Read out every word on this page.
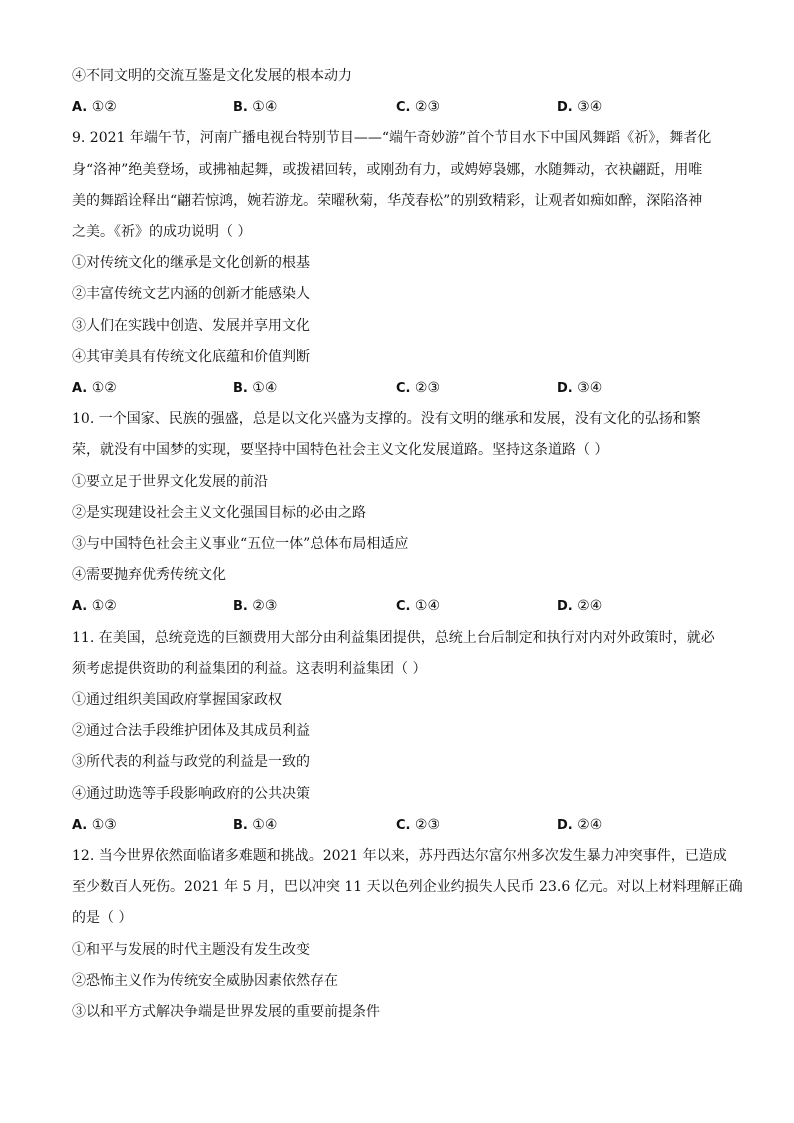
④不同文明的交流互鉴是文化发展的根本动力
A. ①②	B. ①④	C. ②③	D. ③④
9. 2021 年端午节，河南广播电视台特别节目——“端午奇妙游”首个节目水下中国风舞蹈《祈》，舞者化
身“洛神”绝美登场，或拂袖起舞，或拨裙回转，或刚劲有力，或娉婷袅娜，水随舞动，衣袂翩跹，用唯
美的舞蹈诠释出“翩若惊鸿，婉若游龙。荣曜秋菊，华茂春松”的别致精彩，让观者如痴如醉，深陷洛神
之美。《祈》的成功说明（ ）
①对传统文化的继承是文化创新的根基
②丰富传统文艺内涵的创新才能感染人
③人们在实践中创造、发展并享用文化
④其审美具有传统文化底蕴和价值判断
A. ①②	B. ①④	C. ②③	D. ③④
10. 一个国家、民族的强盛，总是以文化兴盛为支撑的。没有文明的继承和发展，没有文化的弘扬和繁
荣，就没有中国梦的实现，要坚持中国特色社会主义文化发展道路。坚持这条道路（ ）
①要立足于世界文化发展的前沿
②是实现建设社会主义文化强国目标的必由之路
③与中国特色社会主义事业“五位一体”总体布局相适应
④需要抛弃优秀传统文化
A. ①②	B. ②③	C. ①④	D. ②④
11. 在美国，总统竞选的巨额费用大部分由利益集团提供，总统上台后制定和执行对内对外政策时，就必
须考虑提供资助的利益集团的利益。这表明利益集团（ ）
①通过组织美国政府掌握国家政权
②通过合法手段维护团体及其成员利益
③所代表的利益与政党的利益是一致的
④通过助选等手段影响政府的公共决策
A. ①③	B. ①④	C. ②③	D. ②④
12. 当今世界依然面临诸多难题和挑战。2021 年以来，苏丹西达尔富尔州多次发生暴力冲突事件，已造成
至少数百人死伤。2021 年 5 月，巴以冲突 11 天以色列企业约损失人民币 23.6 亿元。对以上材料理解正确
的是（ ）
①和平与发展的时代主题没有发生改变
②恐怖主义作为传统安全威胁因素依然存在
③以和平方式解决争端是世界发展的重要前提条件
